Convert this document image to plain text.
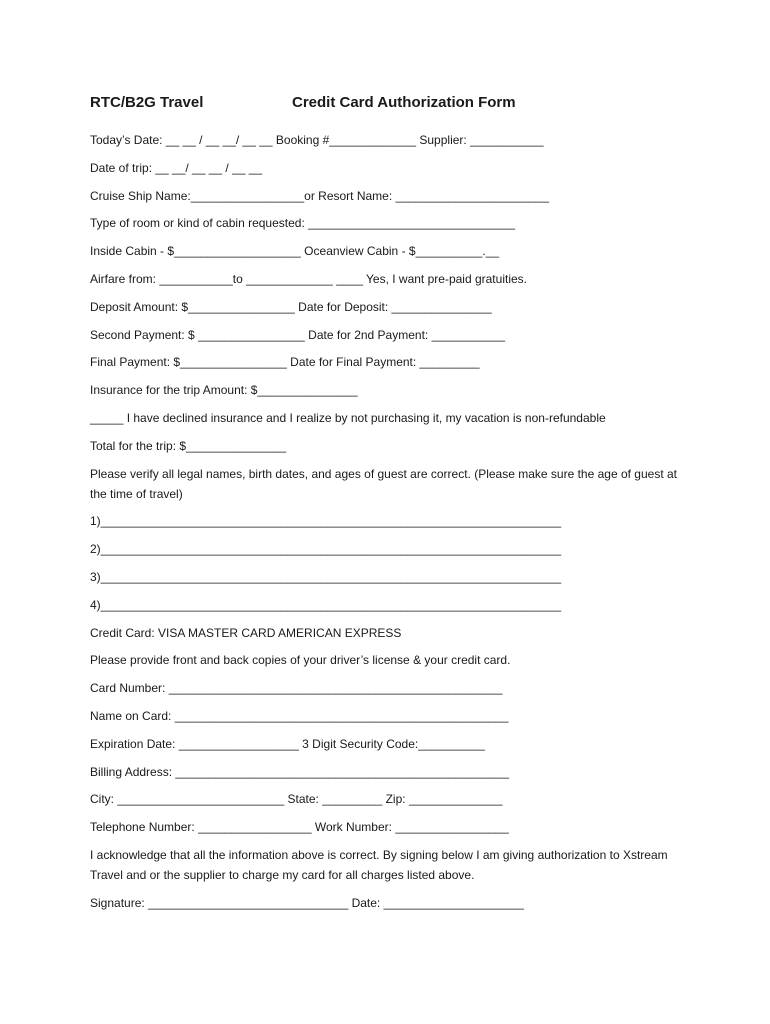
RTC/B2G Travel	Credit Card Authorization Form
Today’s Date: __ __ / __ __/ __ __ Booking #_____________ Supplier: ___________
Date of trip: __ __/ __ __ / __ __
Cruise Ship Name:_________________or Resort Name: _______________________
Type of room or kind of cabin requested: _______________________________
Inside Cabin - $___________________ Oceanview Cabin - $__________.__
Airfare from: ___________to _____________ ____ Yes, I want pre-paid gratuities.
Deposit Amount: $________________ Date for Deposit: _______________
Second Payment: $ ________________ Date for 2nd Payment: ___________
Final Payment: $________________ Date for Final Payment: _________
Insurance for the trip Amount: $_______________
_____ I have declined insurance and I realize by not purchasing it, my vacation is non-refundable
Total for the trip: $_______________
Please verify all legal names, birth dates, and ages of guest are correct. (Please make sure the age of guest at the time of travel)
1)_____________________________________________________________________
2)_____________________________________________________________________
3)_____________________________________________________________________
4)_____________________________________________________________________
Credit Card: VISA MASTER CARD AMERICAN EXPRESS
Please provide front and back copies of your driver’s license & your credit card.
Card Number: __________________________________________________
Name on Card: __________________________________________________
Expiration Date: __________________ 3 Digit Security Code:__________
Billing Address: __________________________________________________
City: _________________________ State: _________ Zip: ______________
Telephone Number: _________________ Work Number: _________________
I acknowledge that all the information above is correct. By signing below I am giving authorization to Xstream Travel and or the supplier to charge my card for all charges listed above.
Signature: ______________________________ Date: _____________________
